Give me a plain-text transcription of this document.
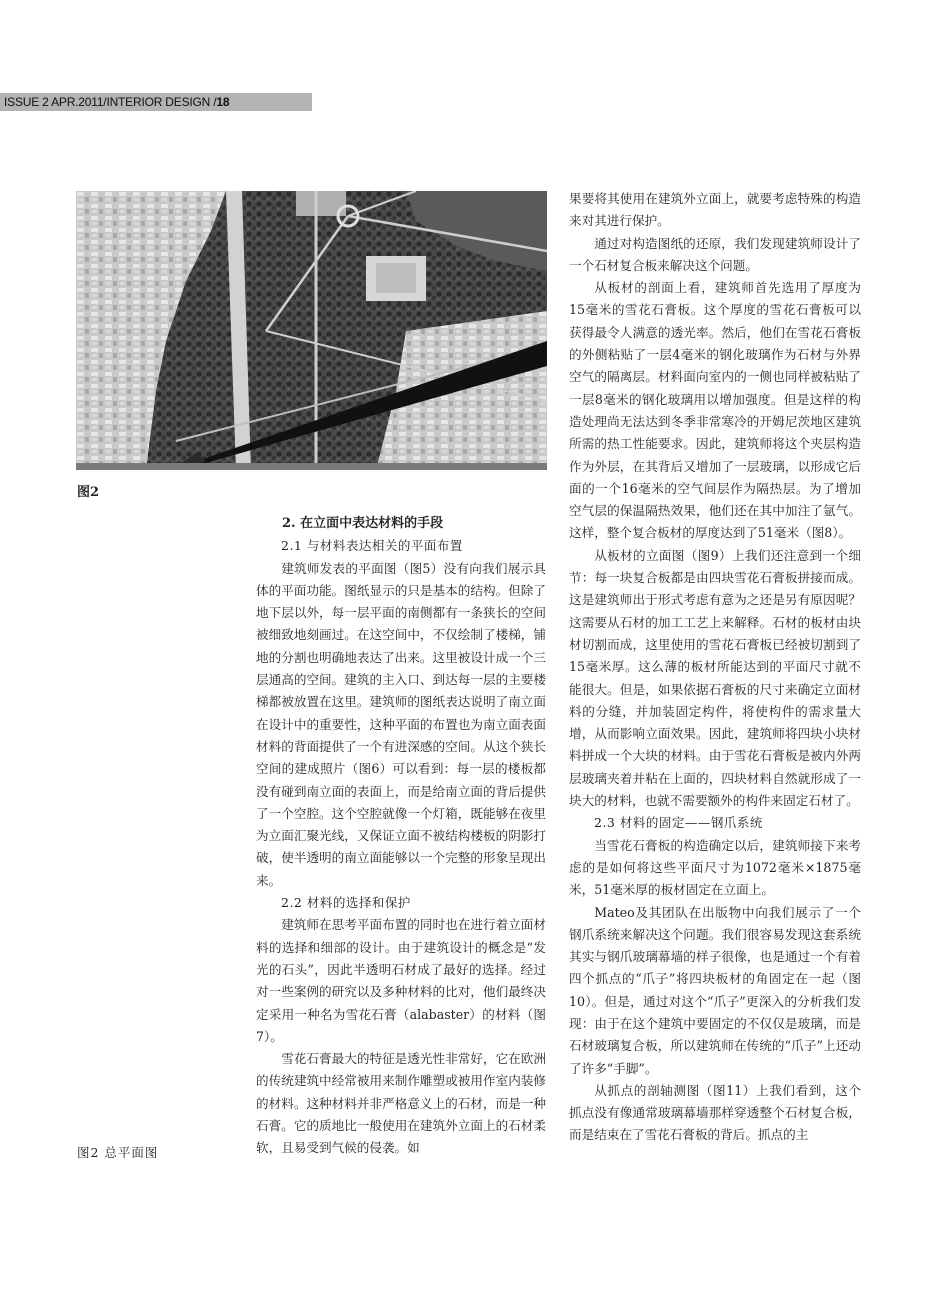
ISSUE 2 APR.2011/INTERIOR DESIGN /18
图2
图2 总平面图
2. 在立面中表达材料的手段
2.1 与材料表达相关的平面布置

建筑师发表的平面图（图5）没有向我们展示具体的平面功能。图纸显示的只是基本的结构。但除了地下层以外，每一层平面的南侧都有一条狭长的空间被细致地刻画过。在这空间中，不仅绘制了楼梯，铺地的分割也明确地表达了出来。这里被设计成一个三层通高的空间。建筑的主入口、到达每一层的主要楼梯都被放置在这里。建筑师的图纸表达说明了南立面在设计中的重要性，这种平面的布置也为南立面表面材料的背面提供了一个有进深感的空间。从这个狭长空间的建成照片（图6）可以看到：每一层的楼板都没有碰到南立面的表面上，而是给南立面的背后提供了一个空腔。这个空腔就像一个灯箱，既能够在夜里为立面汇聚光线，又保证立面不被结构楼板的阴影打破，使半透明的南立面能够以一个完整的形象呈现出来。

2.2 材料的选择和保护

建筑师在思考平面布置的同时也在进行着立面材料的选择和细部的设计。由于建筑设计的概念是“发光的石头”，因此半透明石材成了最好的选择。经过对一些案例的研究以及多种材料的比对，他们最终决定采用一种名为雪花石膏（alabaster）的材料（图7）。

雪花石膏最大的特征是透光性非常好，它在欧洲的传统建筑中经常被用来制作雕塑或被用作室内装修的材料。这种材料并非严格意义上的石材，而是一种石膏。它的质地比一般使用在建筑外立面上的石材柔软，且易受到气候的侵袭。如

果要将其使用在建筑外立面上，就要考虑特殊的构造来对其进行保护。

通过对构造图纸的还原，我们发现建筑师设计了一个石材复合板来解决这个问题。

从板材的剖面上看，建筑师首先选用了厚度为15毫米的雪花石膏板。这个厚度的雪花石膏板可以获得最令人满意的透光率。然后，他们在雪花石膏板的外侧粘贴了一层4毫米的钢化玻璃作为石材与外界空气的隔离层。材料面向室内的一侧也同样被粘贴了一层8毫米的钢化玻璃用以增加强度。但是这样的构造处理尚无法达到冬季非常寒冷的开姆尼茨地区建筑所需的热工性能要求。因此，建筑师将这个夹层构造作为外层，在其背后又增加了一层玻璃，以形成它后面的一个16毫米的空气间层作为隔热层。为了增加空气层的保温隔热效果，他们还在其中加注了氩气。这样，整个复合板材的厚度达到了51毫米（图8）。

从板材的立面图（图9）上我们还注意到一个细节：每一块复合板都是由四块雪花石膏板拼接而成。这是建筑师出于形式考虑有意为之还是另有原因呢？这需要从石材的加工工艺上来解释。石材的板材由块材切割而成，这里使用的雪花石膏板已经被切割到了15毫米厚。这么薄的板材所能达到的平面尺寸就不能很大。但是，如果依据石膏板的尺寸来确定立面材料的分缝，并加装固定构件，将使构件的需求量大增，从而影响立面效果。因此，建筑师将四块小块材料拼成一个大块的材料。由于雪花石膏板是被内外两层玻璃夹着并粘在上面的，四块材料自然就形成了一块大的材料，也就不需要额外的构件来固定石材了。

2.3 材料的固定——钢爪系统

当雪花石膏板的构造确定以后，建筑师接下来考虑的是如何将这些平面尺寸为1072毫米×1875毫米，51毫米厚的板材固定在立面上。

Mateo及其团队在出版物中向我们展示了一个钢爪系统来解决这个问题。我们很容易发现这套系统其实与钢爪玻璃幕墙的样子很像，也是通过一个有着四个抓点的“爪子”将四块板材的角固定在一起（图10）。但是，通过对这个“爪子”更深入的分析我们发现：由于在这个建筑中要固定的不仅仅是玻璃，而是石材玻璃复合板，所以建筑师在传统的“爪子”上还动了许多“手脚”。

从抓点的剖轴测图（图11）上我们看到，这个抓点没有像通常玻璃幕墙那样穿透整个石材复合板，而是结束在了雪花石膏板的背后。抓点的主
